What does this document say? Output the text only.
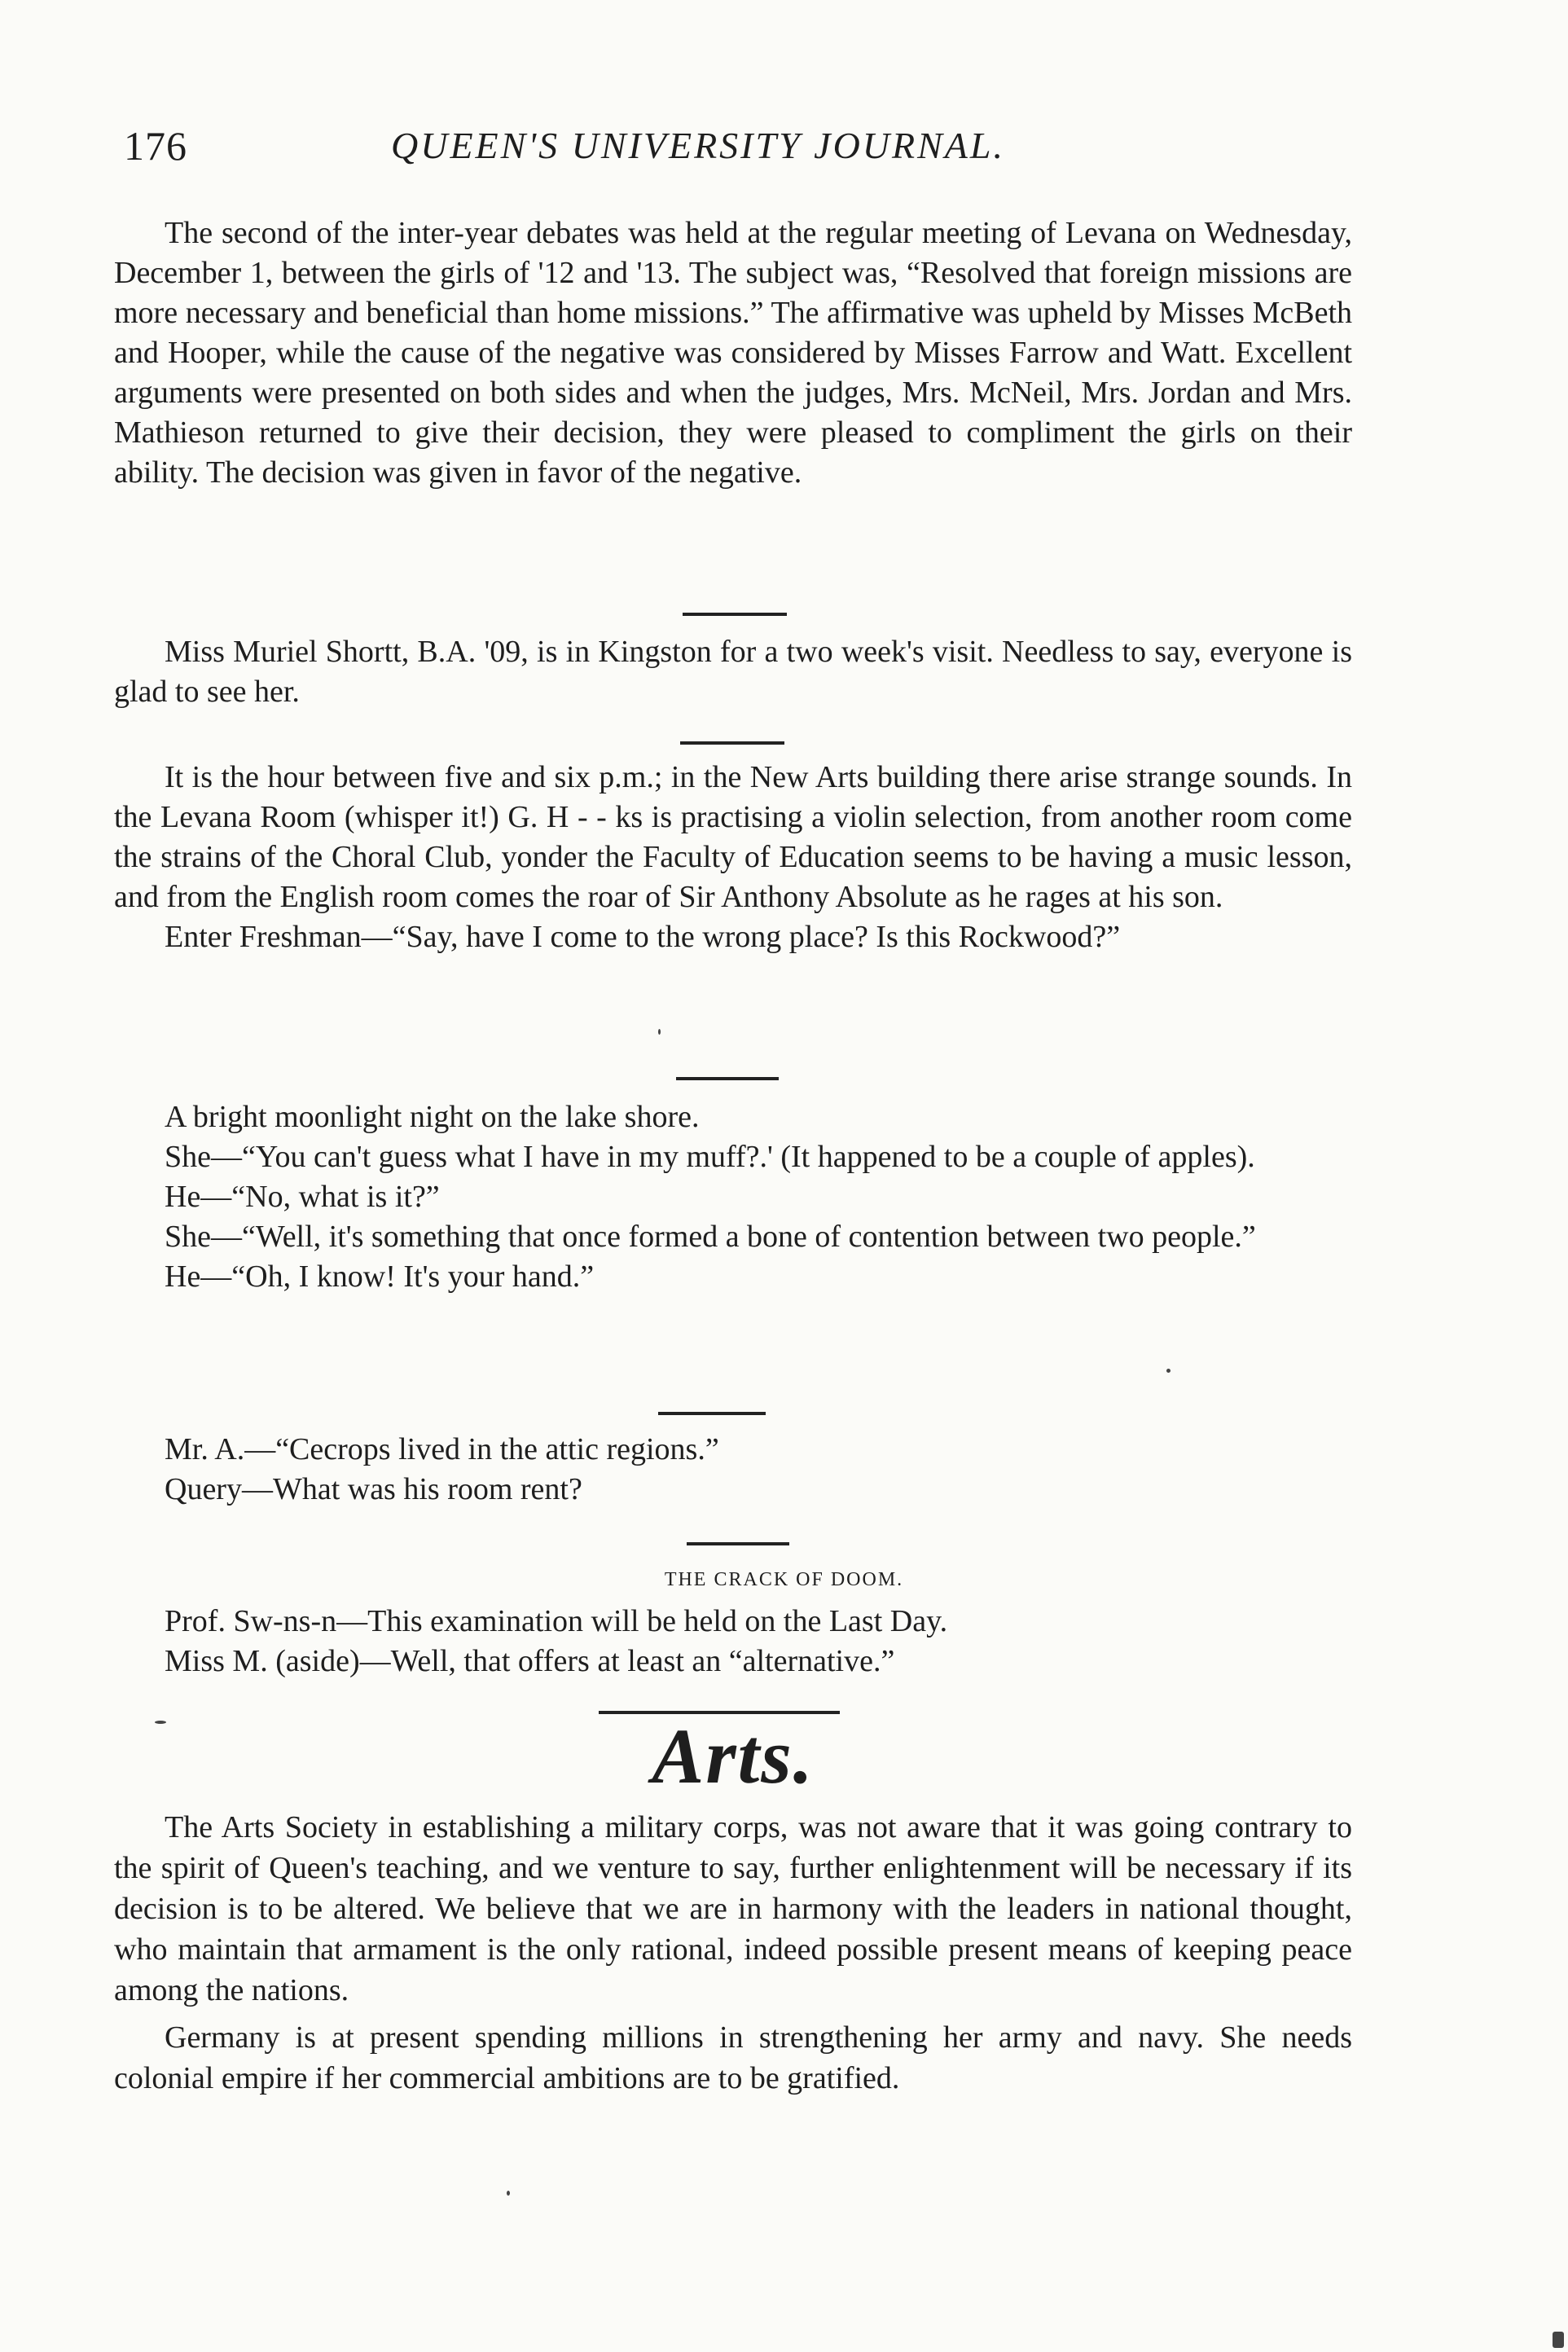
176	QUEEN'S UNIVERSITY JOURNAL.

The second of the inter-year debates was held at the regular meeting of Levana on Wednesday, December 1, between the girls of '12 and '13. The subject was, “Resolved that foreign missions are more necessary and beneficial than home missions.” The affirmative was upheld by Misses McBeth and Hooper, while the cause of the negative was considered by Misses Farrow and Watt. Excellent arguments were presented on both sides and when the judges, Mrs. McNeil, Mrs. Jordan and Mrs. Mathieson returned to give their decision, they were pleased to compliment the girls on their ability. The decision was given in favor of the negative.

Miss Muriel Shortt, B.A. '09, is in Kingston for a two week's visit. Needless to say, everyone is glad to see her.

It is the hour between five and six p.m.; in the New Arts building there arise strange sounds. In the Levana Room (whisper it!) G. H - - ks is practising a violin selection, from another room come the strains of the Choral Club, yonder the Faculty of Education seems to be having a music lesson, and from the English room comes the roar of Sir Anthony Absolute as he rages at his son.

Enter Freshman—“Say, have I come to the wrong place? Is this Rockwood?”

A bright moonlight night on the lake shore.

She—“You can't guess what I have in my muff?.' (It happened to be a couple of apples).

He—“No, what is it?”

She—“Well, it's something that once formed a bone of contention between two people.”

He—“Oh, I know! It's your hand.”

Mr. A.—“Cecrops lived in the attic regions.”

Query—What was his room rent?

THE CRACK OF DOOM.

Prof. Sw-ns-n—This examination will be held on the Last Day.

Miss M. (aside)—Well, that offers at least an “alternative.”

Arts.

The Arts Society in establishing a military corps, was not aware that it was going contrary to the spirit of Queen's teaching, and we venture to say, further enlightenment will be necessary if its decision is to be altered. We believe that we are in harmony with the leaders in national thought, who maintain that armament is the only rational, indeed possible present means of keeping peace among the nations.

Germany is at present spending millions in strengthening her army and navy. She needs colonial empire if her commercial ambitions are to be gratified.
